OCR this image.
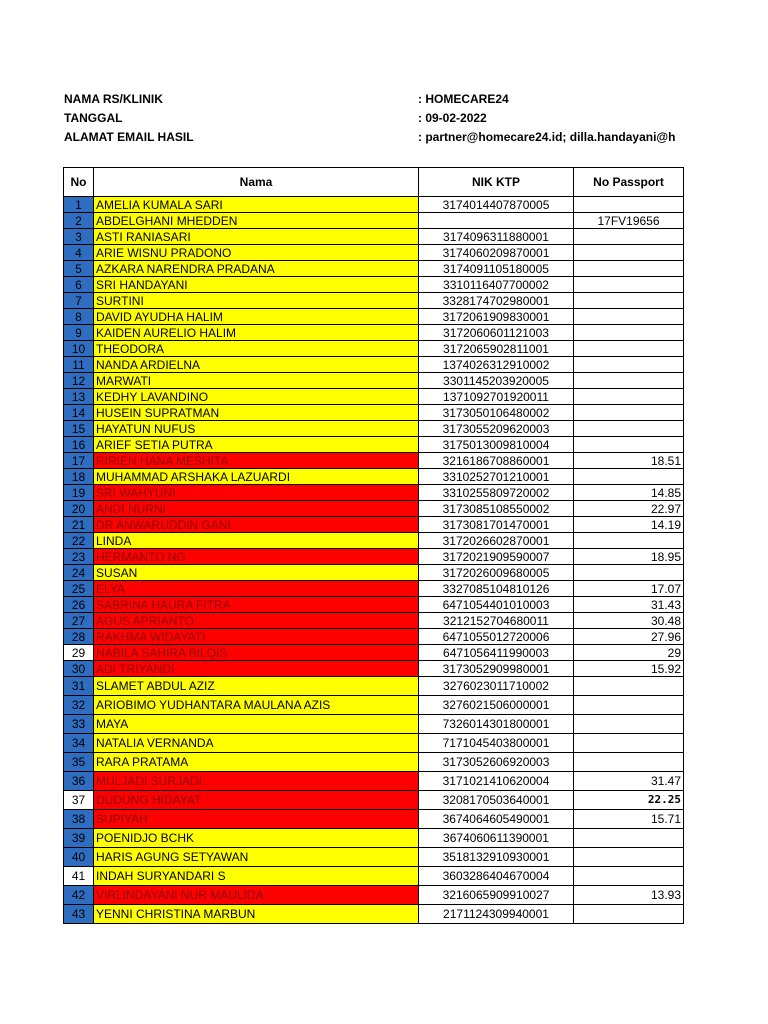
NAMA RS/KLINIK	: HOMECARE24
TANGGAL	: 09-02-2022
ALAMAT EMAIL HASIL	: partner@homecare24.id; dilla.handayani@h
No	Nama	NIK KTP	No Passport
1	AMELIA KUMALA SARI	3174014407870005	
2	ABDELGHANI MHEDDEN		17FV19656
3	ASTI RANIASARI	3174096311880001	
4	ARIE WISNU PRADONO	3174060209870001	
5	AZKARA NARENDRA PRADANA	3174091105180005	
6	SRI HANDAYANI	3310116407700002	
7	SURTINI	3328174702980001	
8	DAVID AYUDHA HALIM	3172061909830001	
9	KAIDEN AURELIO HALIM	3172060601121003	
10	THEODORA	3172065902811001	
11	NANDA ARDIELNA	1374026312910002	
12	MARWATI	3301145203920005	
13	KEDHY LAVANDINO	1371092701920011	
14	HUSEIN SUPRATMAN	3173050106480002	
15	HAYATUN NUFUS	3173055209620003	
16	ARIEF SETIA PUTRA	3175013009810004	
17	RIRIEN HANA MESHITA	3216186708860001	18.51
18	MUHAMMAD ARSHAKA LAZUARDI	3310252701210001	
19	SRI WAHYUNI	3310255809720002	14.85
20	ANDI NURNI	3173085108550002	22.97
21	DR ANWARUDDIN GANI	3173081701470001	14.19
22	LINDA	3172026602870001	
23	HERMANTO NG	3172021909590007	18.95
24	SUSAN	3172026009680005	
25	ELYA	3327085104810126	17.07
26	SABRINA HAURA FITRA	6471054401010003	31.43
27	AGUS APRIANTO	3212152704680011	30.48
28	RAKHMA WIDAYATI	6471055012720006	27.96
29	NABILA SAHIRA BILQIS	6471056411990003	29
30	ADI TRIYANDI	3173052909980001	15.92
31	SLAMET ABDUL AZIZ	3276023011710002	
32	ARIOBIMO YUDHANTARA MAULANA AZIS	3276021506000001	
33	MAYA	7326014301800001	
34	NATALIA VERNANDA	7171045403800001	
35	RARA PRATAMA	3173052606920003	
36	MULJADI SURJADI	3171021410620004	31.47
37	DUDUNG HIDAYAT	3208170503640001	22.25
38	SUPIYAH	3674064605490001	15.71
39	POENIDJO BCHK	3674060611390001	
40	HARIS AGUNG SETYAWAN	3518132910930001	
41	INDAH SURYANDARI S	3603286404670004	
42	VIRLINDAYANI NUR MAULIDA	3216065909910027	13.93
43	YENNI CHRISTINA MARBUN	2171124309940001	
